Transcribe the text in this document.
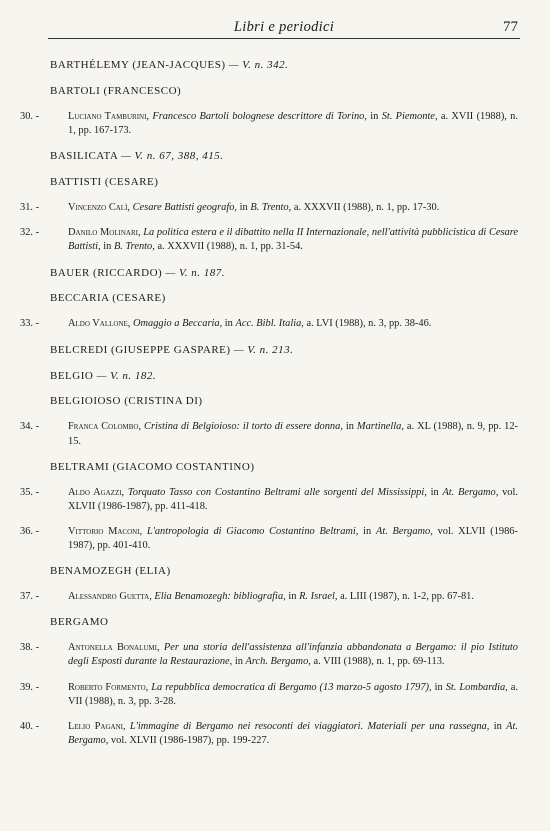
Libri e periodici	77
BARTHÉLEMY (JEAN-JACQUES) — V. n. 342.
BARTOLI (FRANCESCO)
30. -	Luciano Tamburini, Francesco Bartoli bolognese descrittore di Torino, in St. Piemonte, a. XVII (1988), n. 1, pp. 167-173.
BASILICATA — V. n. 67, 388, 415.
BATTISTI (CESARE)
31. -	Vincenzo Calì, Cesare Battisti geografo, in B. Trento, a. XXXVII (1988), n. 1, pp. 17-30.
32. -	Danilo Molinari, La politica estera e il dibattito nella II Internazionale, nell'attività pubblicistica di Cesare Battisti, in B. Trento, a. XXXVII (1988), n. 1, pp. 31-54.
BAUER (RICCARDO) — V. n. 187.
BECCARIA (CESARE)
33. -	Aldo Vallone, Omaggio a Beccaria, in Acc. Bibl. Italia, a. LVI (1988), n. 3, pp. 38-46.
BELCREDI (GIUSEPPE GASPARE) — V. n. 213.
BELGIO — V. n. 182.
BELGIOIOSO (CRISTINA DI)
34. -	Franca Colombo, Cristina di Belgioioso: il torto di essere donna, in Martinella, a. XL (1988), n. 9, pp. 12-15.
BELTRAMI (GIACOMO COSTANTINO)
35. -	Aldo Agazzi, Torquato Tasso con Costantino Beltrami alle sorgenti del Mississippi, in At. Bergamo, vol. XLVII (1986-1987), pp. 411-418.
36. -	Vittorio Maconi, L'antropologia di Giacomo Costantino Beltrami, in At. Bergamo, vol. XLVII (1986-1987), pp. 401-410.
BENAMOZEGH (ELIA)
37. -	Alessandro Guetta, Elia Benamozegh: bibliografia, in R. Israel, a. LIII (1987), n. 1-2, pp. 67-81.
BERGAMO
38. -	Antonella Bonalumi, Per una storia dell'assistenza all'infanzia abbandonata a Bergamo: il pio Istituto degli Esposti durante la Restaurazione, in Arch. Bergamo, a. VIII (1988), n. 1, pp. 69-113.
39. -	Roberto Formento, La repubblica democratica di Bergamo (13 marzo-5 agosto 1797), in St. Lombardia, a. VII (1988), n. 3, pp. 3-28.
40. -	Lelio Pagani, L'immagine di Bergamo nei resoconti dei viaggiatori. Materiali per una rassegna, in At. Bergamo, vol. XLVII (1986-1987), pp. 199-227.
